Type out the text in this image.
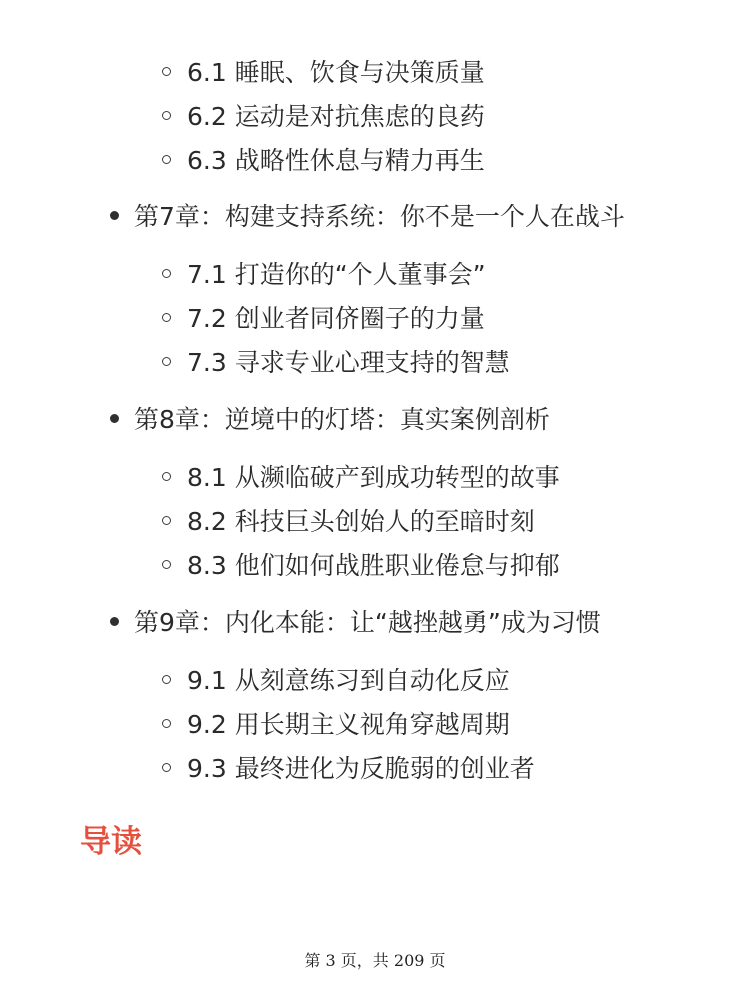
6.1 睡眠、饮食与决策质量
6.2 运动是对抗焦虑的良药
6.3 战略性休息与精力再生
第7章：构建支持系统：你不是一个人在战斗
7.1 打造你的“个人董事会”
7.2 创业者同侪圈子的力量
7.3 寻求专业心理支持的智慧
第8章：逆境中的灯塔：真实案例剖析
8.1 从濒临破产到成功转型的故事
8.2 科技巨头创始人的至暗时刻
8.3 他们如何战胜职业倦怠与抑郁
第9章：内化本能：让“越挫越勇”成为习惯
9.1 从刻意练习到自动化反应
9.2 用长期主义视角穿越周期
9.3 最终进化为反脆弱的创业者
导读
第 3 页，共 209 页
